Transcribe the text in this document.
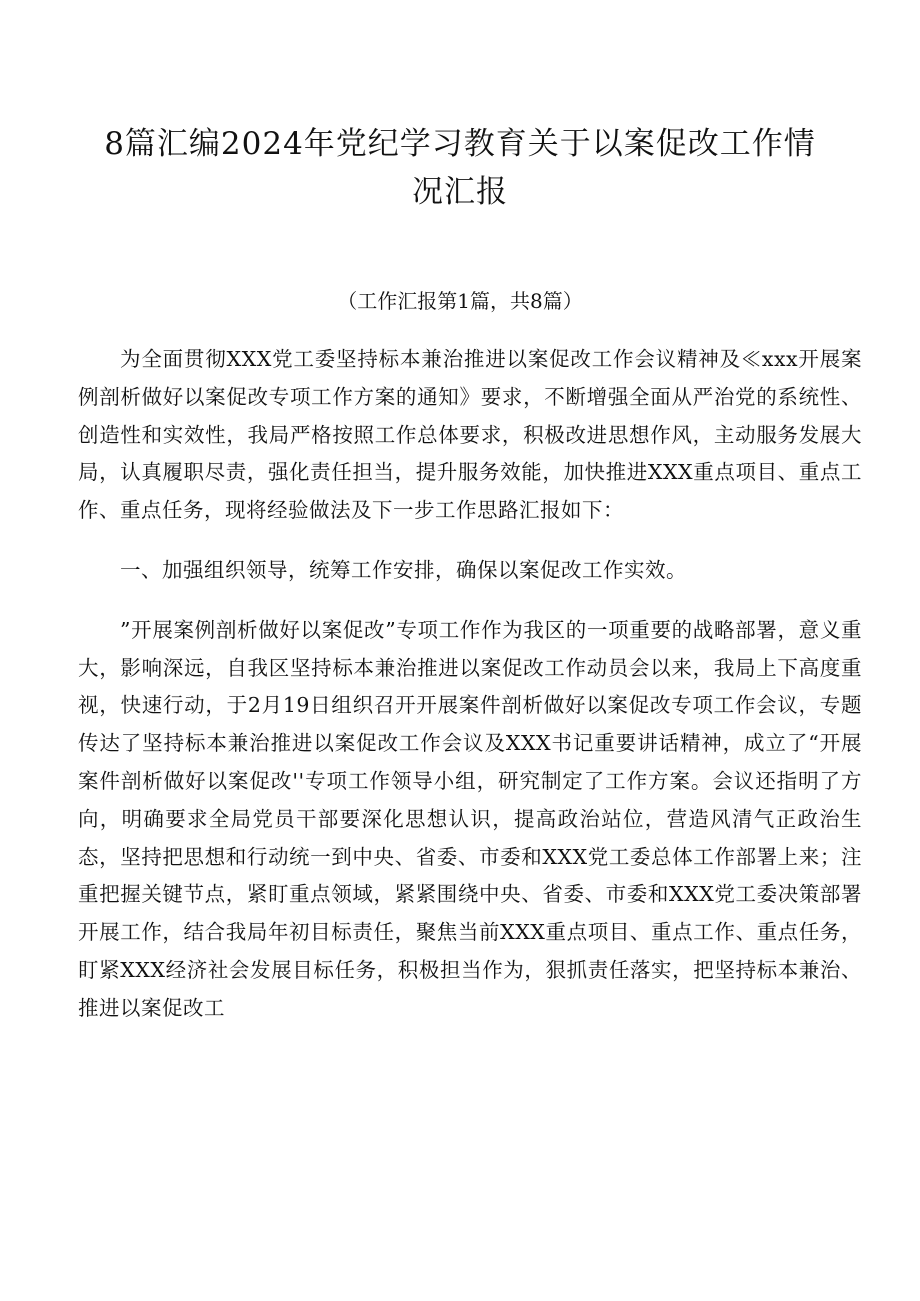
8篇汇编2024年党纪学习教育关于以案促改工作情
况汇报
（工作汇报第1篇，共8篇）

为全面贯彻XXX党工委坚持标本兼治推进以案促改工作会议精神及≪xxx开展案例剖析做好以案促改专项工作方案的通知》要求，不断增强全面从严治党的系统性、创造性和实效性，我局严格按照工作总体要求，积极改进思想作风，主动服务发展大局，认真履职尽责，强化责任担当，提升服务效能，加快推进XXX重点项目、重点工作、重点任务，现将经验做法及下一步工作思路汇报如下：

一、加强组织领导，统筹工作安排，确保以案促改工作实效。

”开展案例剖析做好以案促改”专项工作作为我区的一项重要的战略部署，意义重大，影响深远，自我区坚持标本兼治推进以案促改工作动员会以来，我局上下高度重视，快速行动，于2月19日组织召开开展案件剖析做好以案促改专项工作会议，专题传达了坚持标本兼治推进以案促改工作会议及XXX书记重要讲话精神，成立了“开展案件剖析做好以案促改''专项工作领导小组，研究制定了工作方案。会议还指明了方向，明确要求全局党员干部要深化思想认识，提高政治站位，营造风清气正政治生态，坚持把思想和行动统一到中央、省委、市委和XXX党工委总体工作部署上来；注重把握关键节点，紧盯重点领域，紧紧围绕中央、省委、市委和XXX党工委决策部署开展工作，结合我局年初目标责任，聚焦当前XXX重点项目、重点工作、重点任务，盯紧XXX经济社会发展目标任务，积极担当作为，狠抓责任落实，把坚持标本兼治、推进以案促改工
